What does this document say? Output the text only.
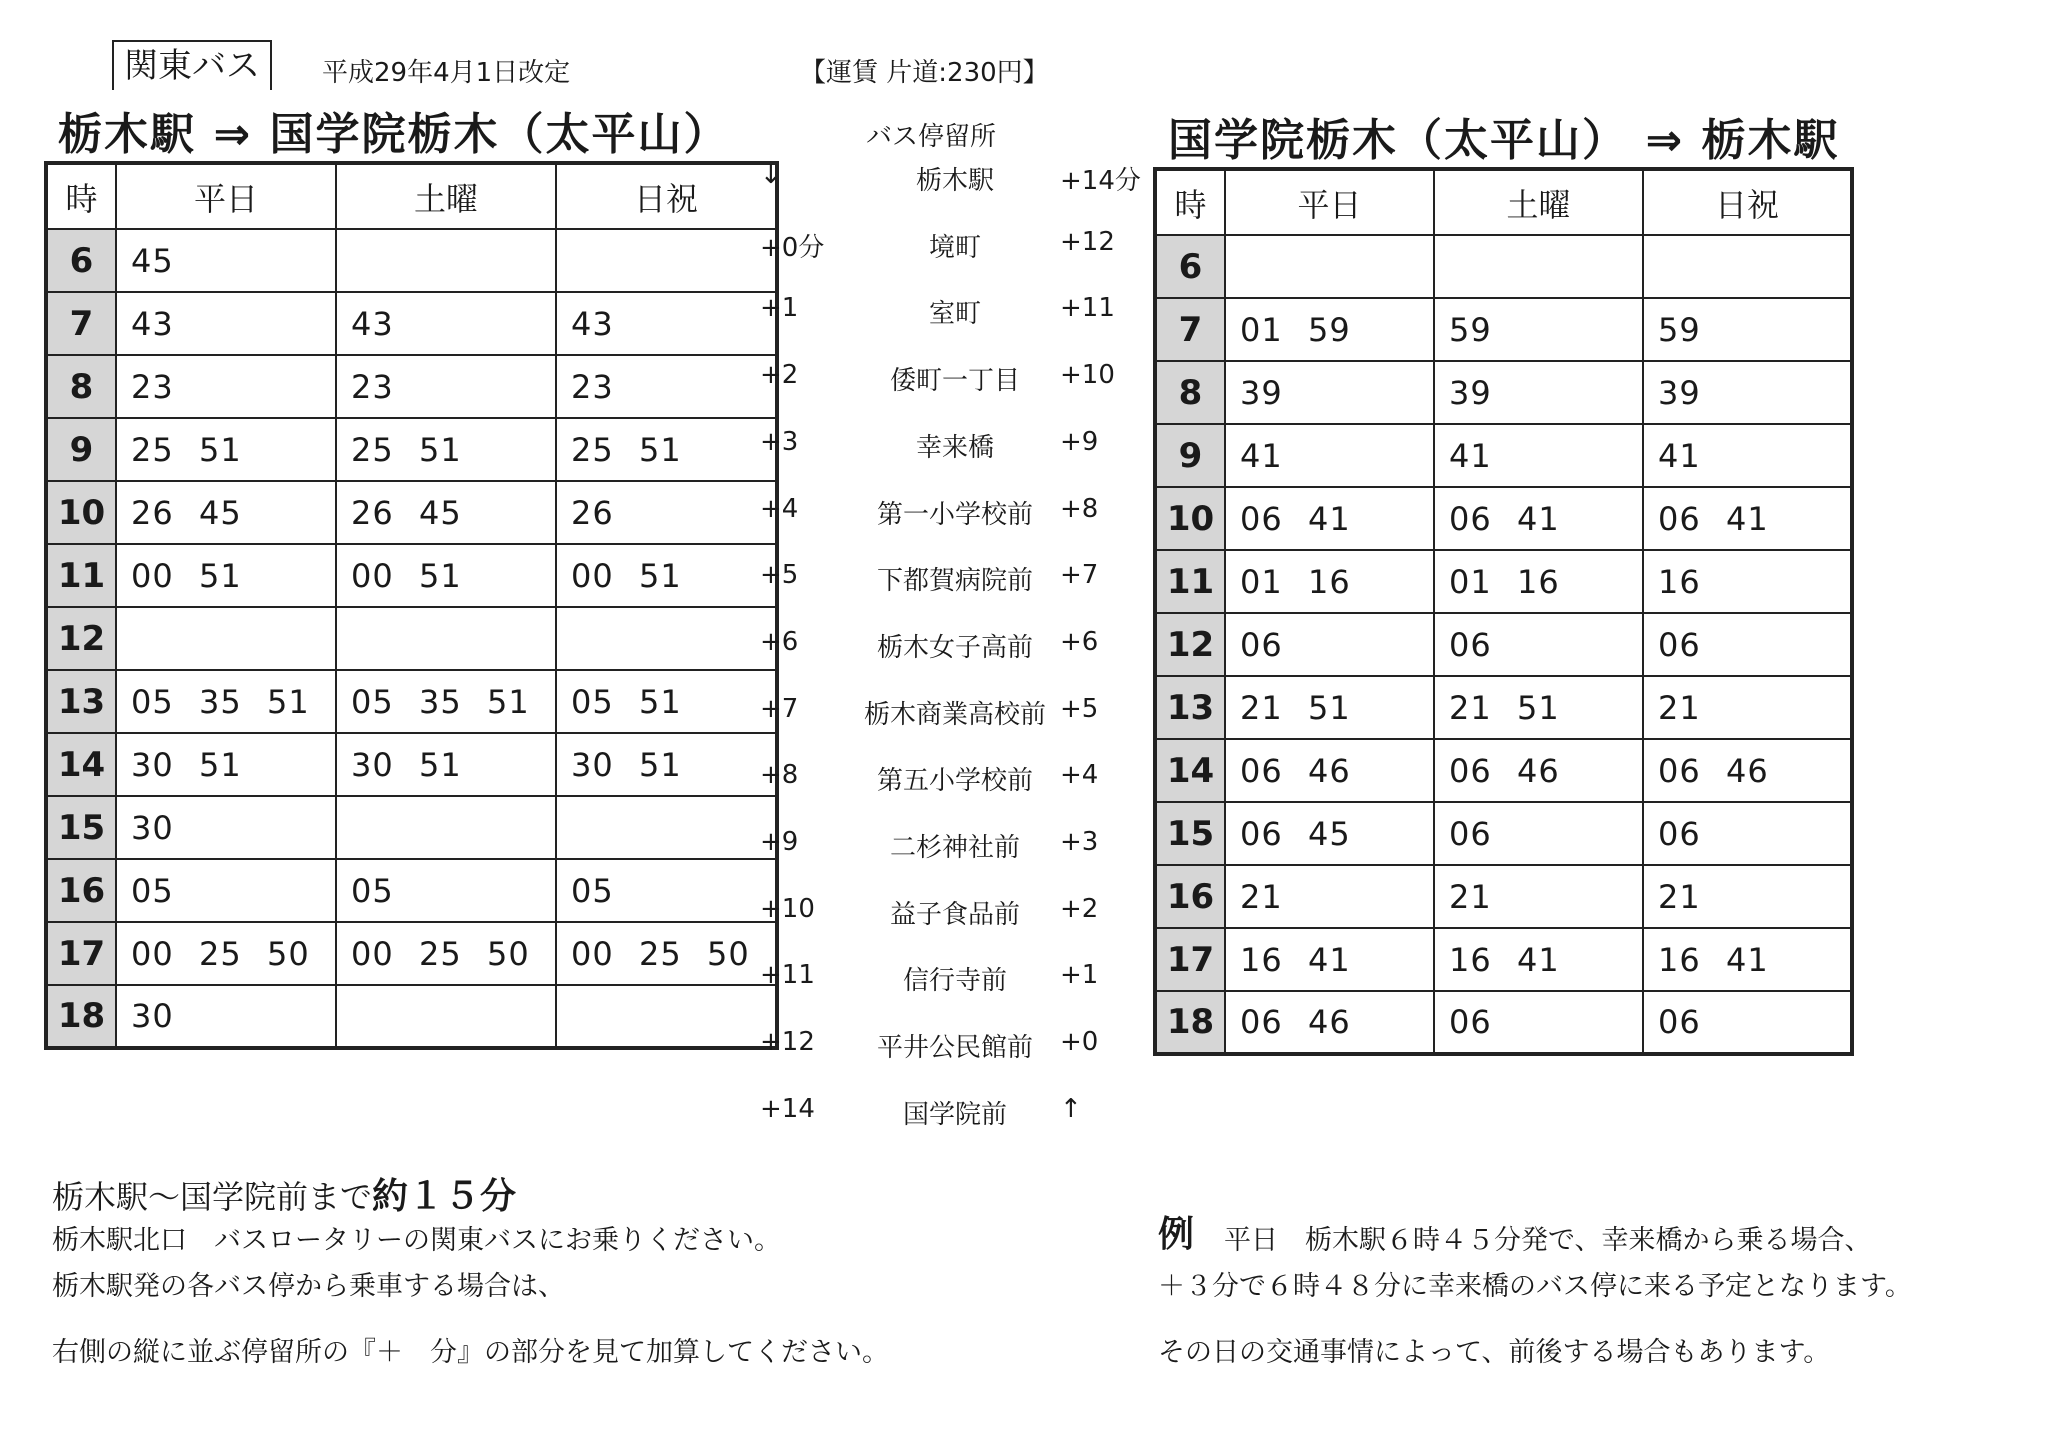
関東バス	平成29年4月1日改定	【運賃 片道:230円】
栃木駅 ⇒ 国学院栃木（太平山）	バス停留所	国学院栃木（太平山） ⇒ 栃木駅
時	平日	土曜	日祝
6	45		

7	43	43	43

8	23	23	23

9	25 51	25 51	25 51

10	26 45	26 45	26

11	00 51	00 51	00 51

12	

13	05 35 51	05 35 51	05 51

14	30 51	30 51	30 51

15	30		

16	05	05	05

17	00 25 50	00 25 50	00 25 50

18	30		

↓	栃木駅	+14分
+0分	境町	+12
+1	室町	+11
+2	倭町一丁目	+10
+3	幸来橋	+9
+4	第一小学校前	+8
+5	下都賀病院前	+7
+6	栃木女子高前	+6
+7	栃木商業高校前 +5
+8	第五小学校前	+4
+9	二杉神社前	+3
+10	益子食品前	+2
+11	信行寺前	+1
+12	平井公民館前	+0
+14	国学院前	↑
時	平日	土曜	日祝
6	

7	01 59	59	59

8	39	39	39

9	41	41	41

10	06 41	06 41	06 41

11	01 16	01 16	16

12	06	06	06

13	21 51	21 51	21

14	06 46	06 46	06 46

15	06 45	06	06

16	21	21	21

17	16 41	16 41	16 41

18	06 46	06	06
栃木駅～国学院前まで約１５分
栃木駅北口　バスロータリーの関東バスにお乗りください。
栃木駅発の各バス停から乗車する場合は、
右側の縦に並ぶ停留所の『＋　分』の部分を見て加算してください。
例 平日　栃木駅６時４５分発で、幸来橋から乗る場合、
＋３分で６時４８分に幸来橋のバス停に来る予定となります。
その日の交通事情によって、前後する場合もあります。
